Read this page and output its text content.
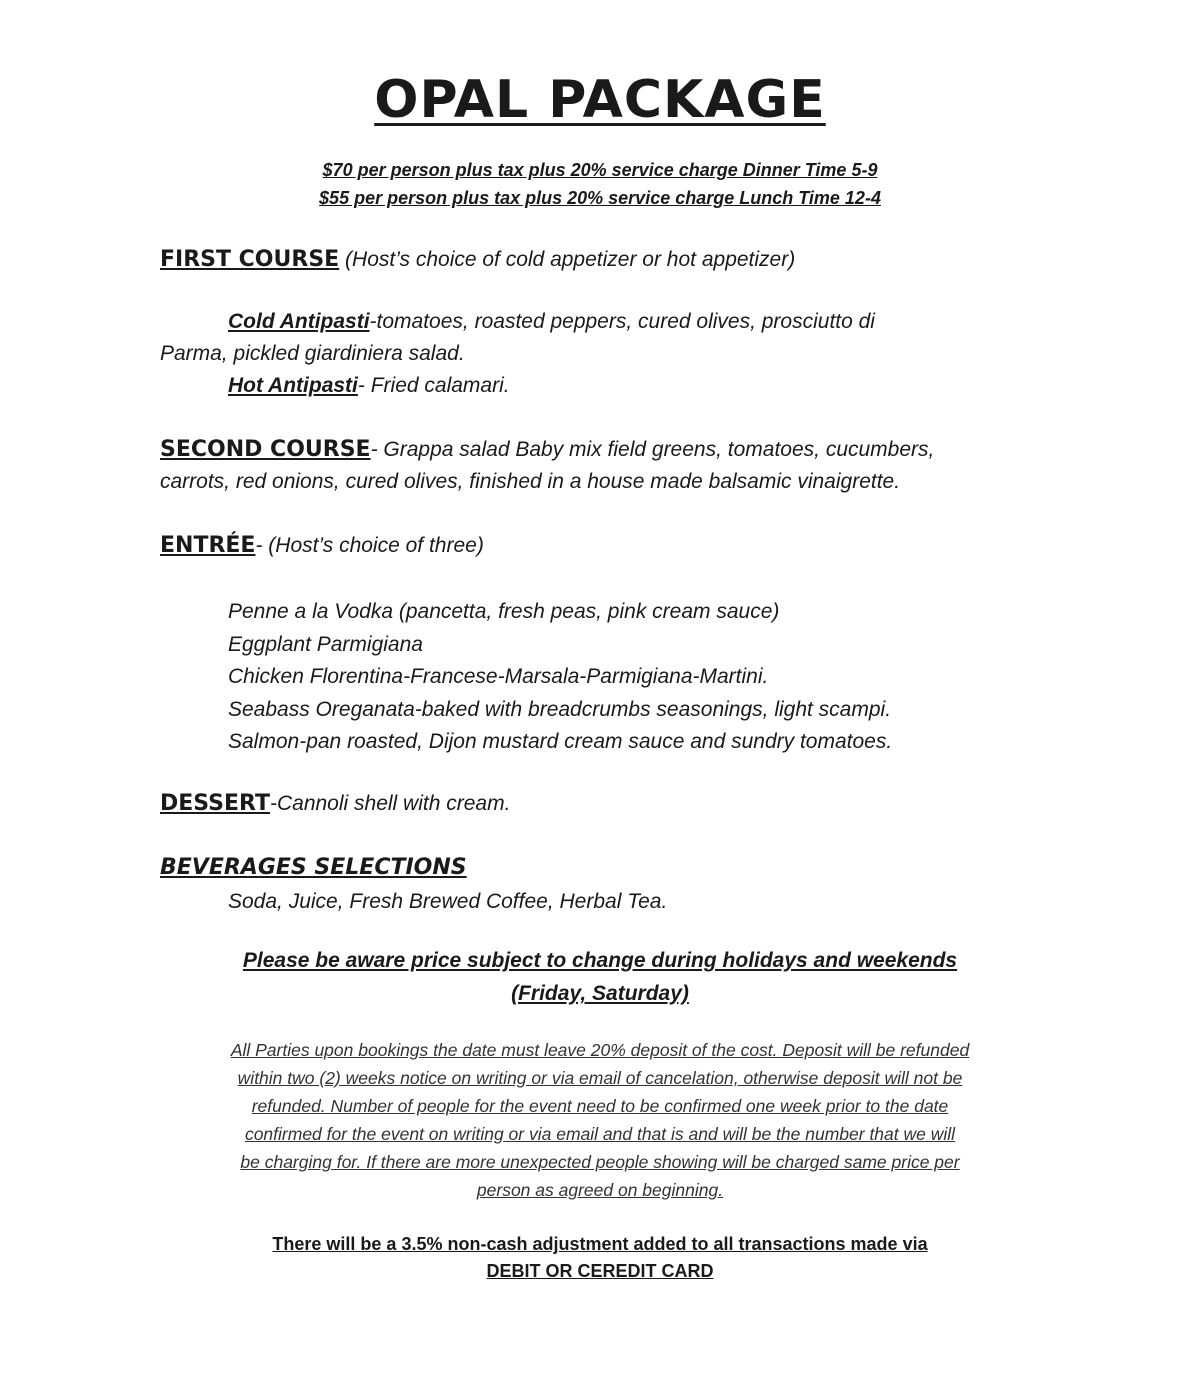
OPAL PACKAGE
$70 per person plus tax plus 20% service charge Dinner Time 5-9
$55 per person plus tax plus 20% service charge Lunch Time 12-4
FIRST COURSE (Host’s choice of cold appetizer or hot appetizer)
Cold Antipasti-tomatoes, roasted peppers, cured olives, prosciutto di
Parma, pickled giardiniera salad.
Hot Antipasti- Fried calamari.
SECOND COURSE- Grappa salad Baby mix field greens, tomatoes, cucumbers,
carrots, red onions, cured olives, finished in a house made balsamic vinaigrette.
ENTRÉE- (Host’s choice of three)
Penne a la Vodka (pancetta, fresh peas, pink cream sauce)
Eggplant Parmigiana
Chicken Florentina-Francese-Marsala-Parmigiana-Martini.
Seabass Oreganata-baked with breadcrumbs seasonings, light scampi.
Salmon-pan roasted, Dijon mustard cream sauce and sundry tomatoes.
DESSERT-Cannoli shell with cream.
BEVERAGES SELECTIONS
Soda, Juice, Fresh Brewed Coffee, Herbal Tea.
Please be aware price subject to change during holidays and weekends
(Friday, Saturday)
All Parties upon bookings the date must leave 20% deposit of the cost. Deposit will be refunded
within two (2) weeks notice on writing or via email of cancelation, otherwise deposit will not be
refunded. Number of people for the event need to be confirmed one week prior to the date
confirmed for the event on writing or via email and that is and will be the number that we will
be charging for. If there are more unexpected people showing will be charged same price per
person as agreed on beginning.
There will be a 3.5% non-cash adjustment added to all transactions made via
DEBIT OR CEREDIT CARD
